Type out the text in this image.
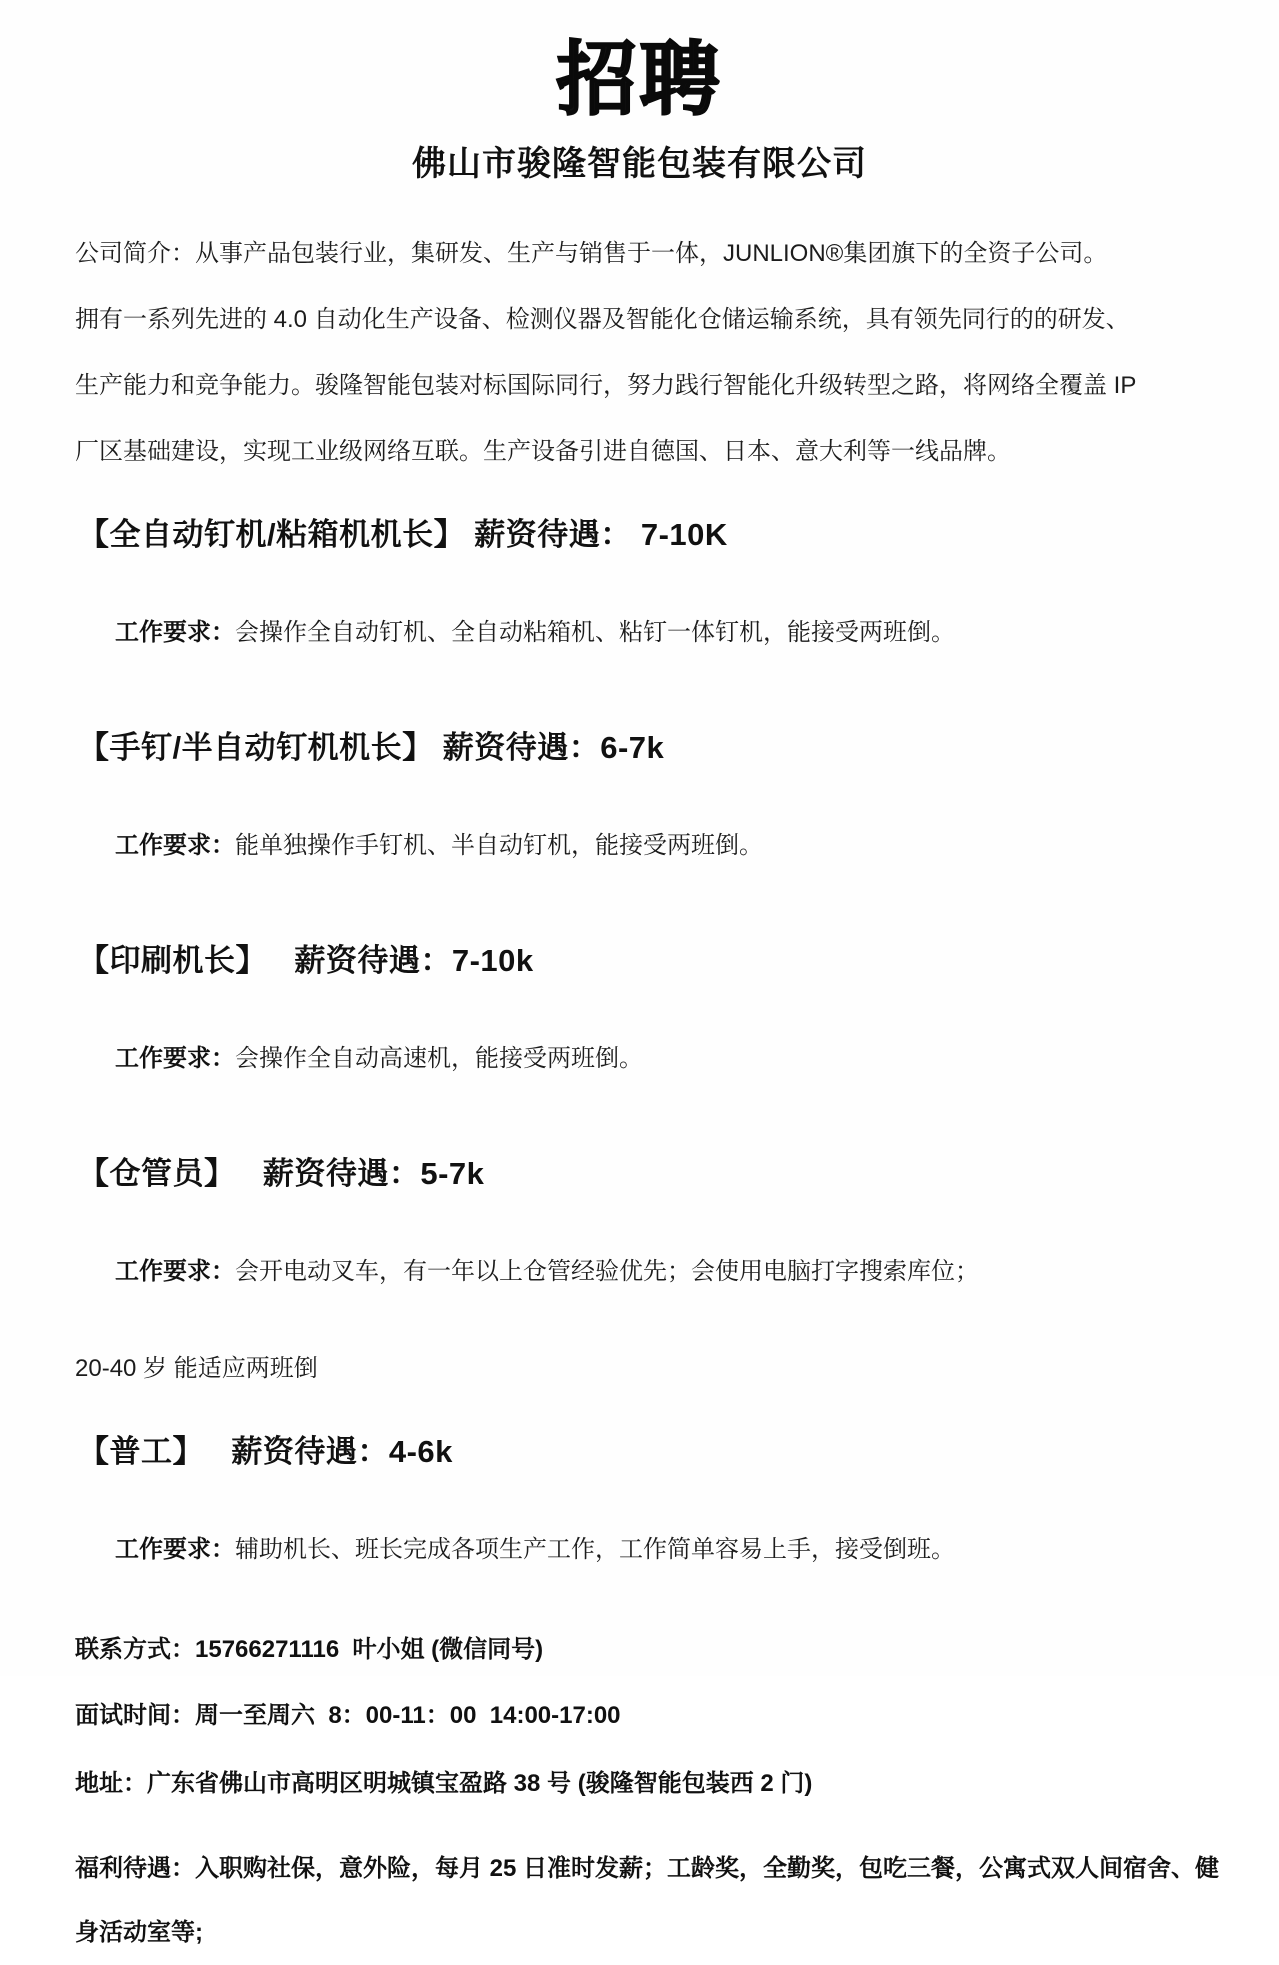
招聘
佛山市骏隆智能包装有限公司
公司简介：从事产品包装行业，集研发、生产与销售于一体，JUNLION®集团旗下的全资子公司。
拥有一系列先进的 4.0 自动化生产设备、检测仪器及智能化仓储运输系统，具有领先同行的的研发、
生产能力和竞争能力。骏隆智能包装对标国际同行，努力践行智能化升级转型之路，将网络全覆盖 IP
厂区基础建设，实现工业级网络互联。生产设备引进自德国、日本、意大利等一线品牌。
【全自动钉机/粘箱机机长】 薪资待遇： 7-10K

工作要求：会操作全自动钉机、全自动粘箱机、粘钉一体钉机，能接受两班倒。

【手钉/半自动钉机机长】 薪资待遇：6-7k

工作要求：能单独操作手钉机、半自动钉机，能接受两班倒。

【印刷机长】   薪资待遇：7-10k

工作要求：会操作全自动高速机，能接受两班倒。

【仓管员】   薪资待遇：5-7k

工作要求：会开电动叉车，有一年以上仓管经验优先；会使用电脑打字搜索库位；

20-40 岁 能适应两班倒
【普工】   薪资待遇：4-6k

工作要求：辅助机长、班长完成各项生产工作，工作简单容易上手，接受倒班。

联系方式：15766271116  叶小姐 (微信同号)
面试时间：周一至周六  8：00-11：00  14:00-17:00
地址：广东省佛山市高明区明城镇宝盈路 38 号 (骏隆智能包装西 2 门)
福利待遇：入职购社保，意外险，每月 25 日准时发薪；工龄奖，全勤奖，包吃三餐，公寓式双人间宿舍、健
身活动室等;
